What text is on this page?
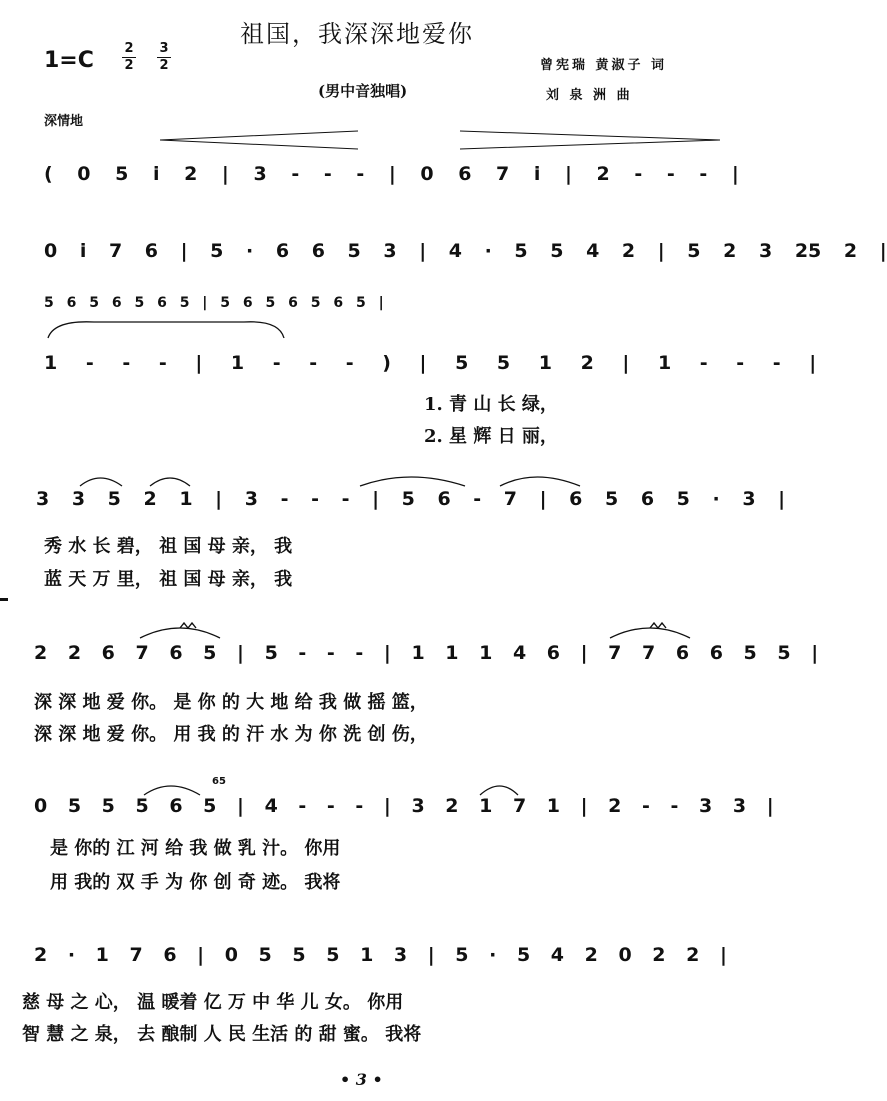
祖国，我深深地爱你
1=C 2
2
3
2
(男中音独唱)
曾宪瑞 黄淑子 词
刘 泉 洲 曲
深情地
( 0 5 i 2 | 3 - - - | 0 6 7 i | 2 - - - |
0 i 7 6 | 5 · 6 6 5 3 | 4 · 5 5 4 2 | 5 2 3 25 2 |
5 6 5 6 5 6 5 | 5 6 5 6 5 6 5 |
1 - - - | 1 - - - ) | 5 5 1 2 | 1 - - - |
1. 青 山 长 绿，
2. 星 辉 日 丽，
3 3 5 2 1 | 3 - - - | 5 6 - 7 | 6 5 6 5 · 3 |
秀 水 长 碧， 祖 国 母 亲， 我
蓝 天 万 里， 祖 国 母 亲， 我
2 2 6 7 6 5 | 5 - - - | 1 1 1 4 6 | 7 7 6 6 5 5 |
深 深 地 爱 你。 是 你 的 大 地 给 我 做 摇 篮，
深 深 地 爱 你。 用 我 的 汗 水 为 你 洗 创 伤，
65
0 5 5 5 6 5 | 4 - - - | 3 2 1 7 1 | 2 - - 3 3 |
是 你的 江 河 给 我 做 乳 汁。 你用
用 我的 双 手 为 你 创 奇 迹。 我将
2 · 1 7 6 | 0 5 5 5 1 3 | 5 · 5 4 2 0 2 2 |
慈 母 之 心， 温 暖着 亿 万 中 华 儿 女。 你用
智 慧 之 泉， 去 酿制 人 民 生活 的 甜 蜜。 我将
• 3 •
